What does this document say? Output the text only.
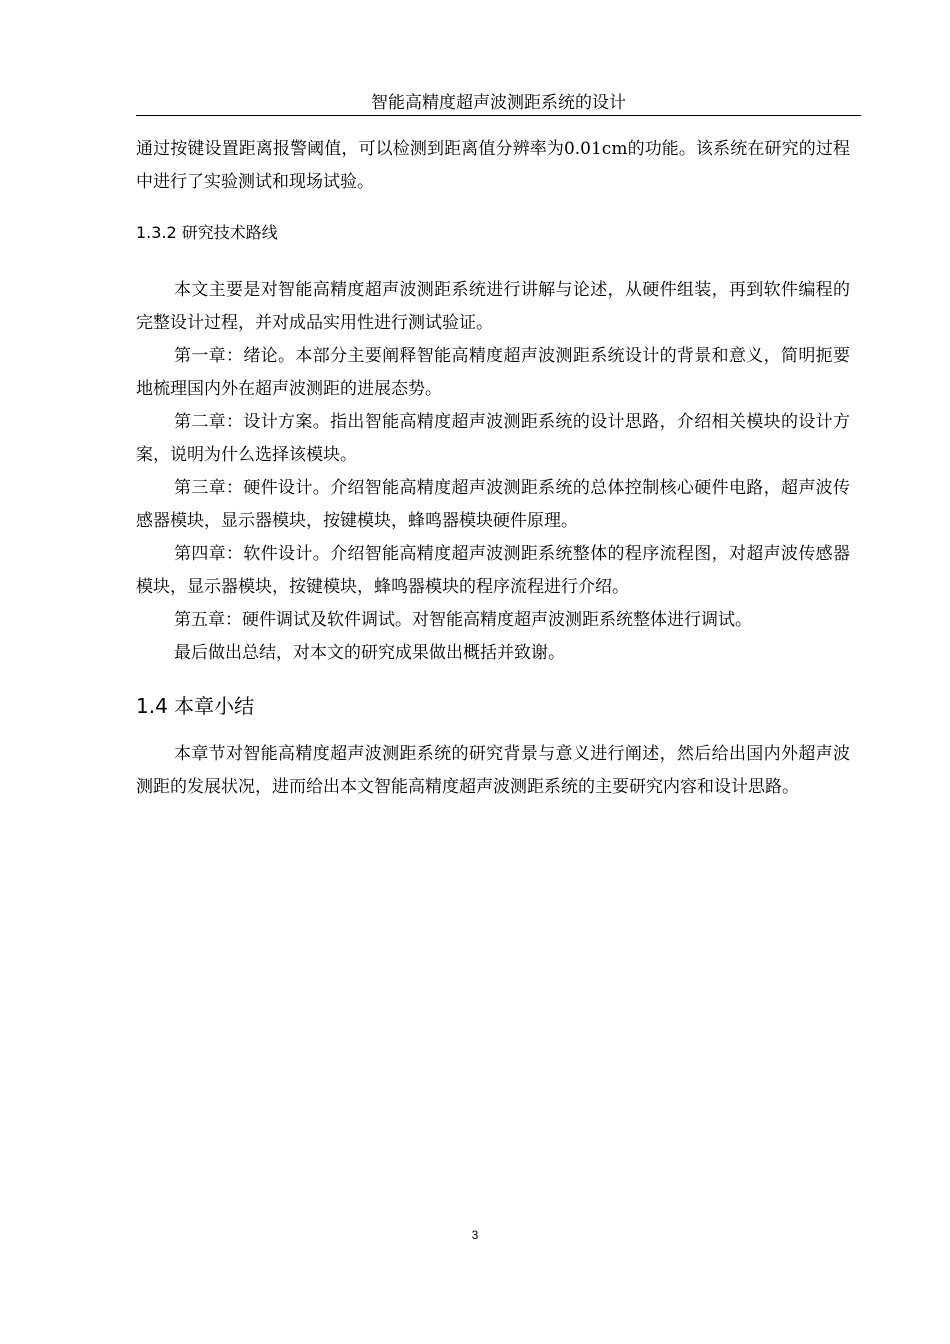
智能高精度超声波测距系统的设计

通过按键设置距离报警阈值，可以检测到距离值分辨率为0.01cm的功能。该系统在研究的过程中进行了实验测试和现场试验。

1.3.2 研究技术路线

本文主要是对智能高精度超声波测距系统进行讲解与论述，从硬件组装，再到软件编程的完整设计过程，并对成品实用性进行测试验证。

第一章：绪论。本部分主要阐释智能高精度超声波测距系统设计的背景和意义，简明扼要地梳理国内外在超声波测距的进展态势。

第二章：设计方案。指出智能高精度超声波测距系统的设计思路，介绍相关模块的设计方案，说明为什么选择该模块。

第三章：硬件设计。介绍智能高精度超声波测距系统的总体控制核心硬件电路，超声波传感器模块，显示器模块，按键模块，蜂鸣器模块硬件原理。

第四章：软件设计。介绍智能高精度超声波测距系统整体的程序流程图，对超声波传感器模块，显示器模块，按键模块，蜂鸣器模块的程序流程进行介绍。

第五章：硬件调试及软件调试。对智能高精度超声波测距系统整体进行调试。

最后做出总结，对本文的研究成果做出概括并致谢。

1.4 本章小结

本章节对智能高精度超声波测距系统的研究背景与意义进行阐述，然后给出国内外超声波测距的发展状况，进而给出本文智能高精度超声波测距系统的主要研究内容和设计思路。

3
